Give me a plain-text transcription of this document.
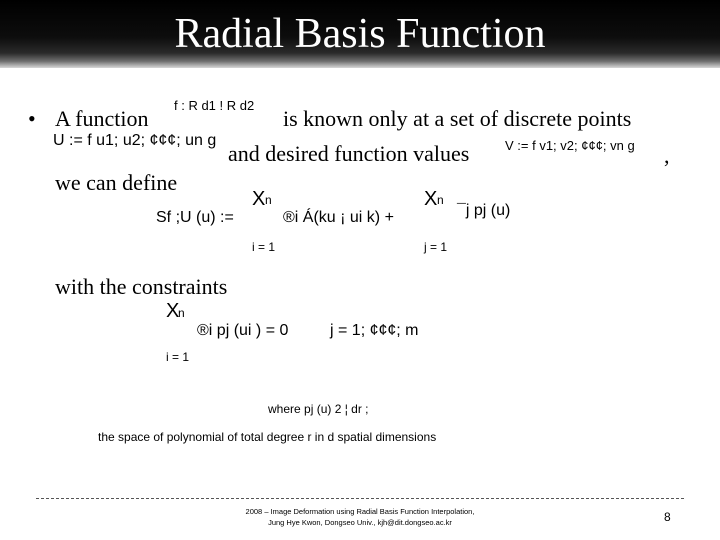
Radial Basis Function
• A function
f : R d1 ! R d2
is known only at a set of discrete points
U := f u1; u2; ¢¢¢; un g
and desired function values	V := f v1; v2; ¢¢¢; vn g ,
we can define
Sf ;U (u) :=
X n
i = 1
®i Á(ku ¡ ui k) +
X n
j = 1
¯j pj (u)
with the constraints
X
n
i = 1
®i pj (ui ) = 0	j = 1; ¢¢¢; m
where pj (u) 2 ¦ dr ;
the space of polynomial of total degree r in d spatial dimensions
2008 – Image Deformation using Radial Basis Function Interpolation,
Jung Hye Kwon, Dongseo Univ., kjh@dit.dongseo.ac.kr	8
